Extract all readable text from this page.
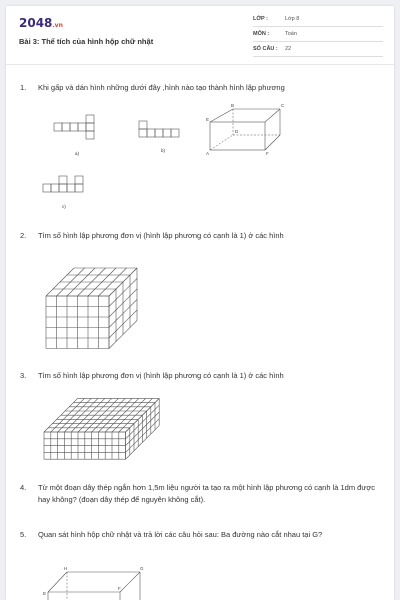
2048.vn
Bài 3: Thể tích của hình hộp chữ nhật
LỚP :	Lớp 8
MÔN :	Toán
SỐ CÂU : 22
1. Khi gấp và dán hình những dưới đây ,hình nào tạo thành hình lập phương
a)
b)
B	C
E
D
A	F
c)
2. Tìm số hình lập phương đơn vị (hình lập phương có cạnh là 1) ở các hình
3. Tìm số hình lập phương đơn vị (hình lập phương có cạnh là 1) ở các hình
4. Từ một đoạn dây thép ngắn hơn 1,5m liệu người ta tạo ra một hình lập phương có cạnh là 1dm được hay không? (đoạn dây thép để nguyên không cắt).
5. Quan sát hình hộp chữ nhật và trả lời các câu hỏi sau: Ba đường nào cắt nhau tại G?
H	G
E
F
